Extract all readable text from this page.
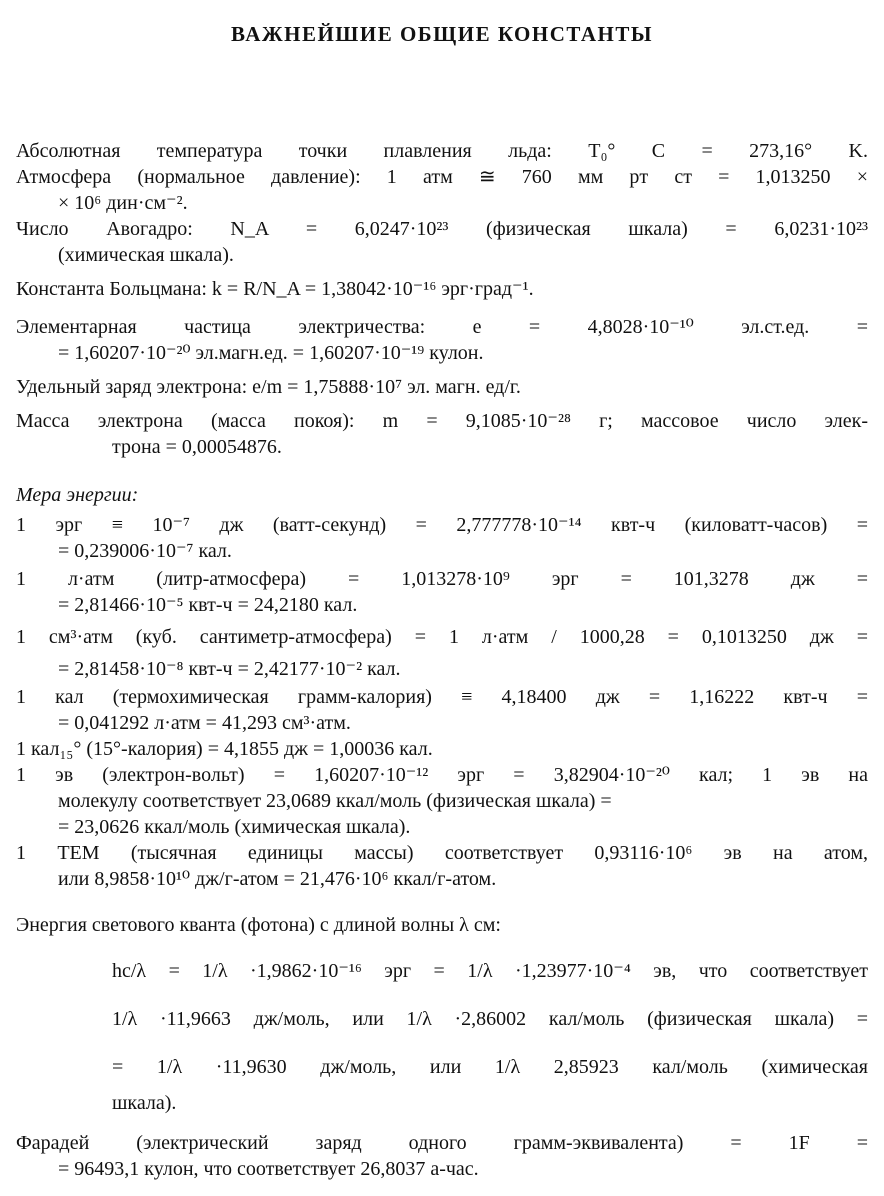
ВАЖНЕЙШИЕ ОБЩИЕ КОНСТАНТЫ
Абсолютная температура точки плавления льда: T₀° C = 273,16° K.
Атмосфера (нормальное давление): 1 атм ≅ 760 мм pт ст = 1,013250 ×
× 10⁶ дин·см⁻².
Число Авогадро: N_A = 6,0247·10²³ (физическая шкала) = 6,0231·10²³
(химическая шкала).
Константа Больцмана: k = R/N_A = 1,38042·10⁻¹⁶ эрг·град⁻¹.
Элементарная частица электричества: e = 4,8028·10⁻¹⁰ эл.ст.ед. =
= 1,60207·10⁻²⁰ эл.магн.ед. = 1,60207·10⁻¹⁹ кулон.
Удельный заряд электрона: e/m = 1,75888·10⁷ эл. магн. ед/г.
Масса электрона (масса покоя): m = 9,1085·10⁻²⁸ г; массовое число элек-
трона = 0,00054876.
Мера энергии:
1 эрг ≡ 10⁻⁷ дж (ватт-секунд) = 2,777778·10⁻¹⁴ квт-ч (киловатт-часов) =
= 0,239006·10⁻⁷ кал.
1 л·атм (литр-атмосфера) = 1,013278·10⁹ эрг = 101,3278 дж =
= 2,81466·10⁻⁵ квт-ч = 24,2180 кал.
1 см³·атм (куб. сантиметр-атмосфера) = 1 л·атм / 1000,28 = 0,1013250 дж =
= 2,81458·10⁻⁸ квт-ч = 2,42177·10⁻² кал.
1 кал (термохимическая грамм-калория) ≡ 4,18400 дж = 1,16222 квт-ч =
= 0,041292 л·атм = 41,293 см³·атм.
1 кал₁₅° (15°-калория) = 4,1855 дж = 1,00036 кал.
1 эв (электрон-вольт) = 1,60207·10⁻¹² эрг = 3,82904·10⁻²⁰ кал; 1 эв на
молекулу соответствует 23,0689 ккал/моль (физическая шкала) =
= 23,0626 ккал/моль (химическая шкала).
1 ТЕМ (тысячная единицы массы) соответствует 0,93116·10⁶ эв на атом,
или 8,9858·10¹⁰ дж/г-атом = 21,476·10⁶ ккал/г-атом.
Энергия светового кванта (фотона) с длиной волны λ см:
hc/λ = 1/λ ·1,9862·10⁻¹⁶ эрг = 1/λ ·1,23977·10⁻⁴ эв, что соответствует
1/λ ·11,9663 дж/моль, или 1/λ ·2,86002 кал/моль (физическая шкала) =
= 1/λ ·11,9630 дж/моль, или 1/λ 2,85923 кал/моль (химическая
шкала).
Фарадей (электрический заряд одного грамм-эквивалента) = 1F =
= 96493,1 кулон, что соответствует 26,8037 а-час.
